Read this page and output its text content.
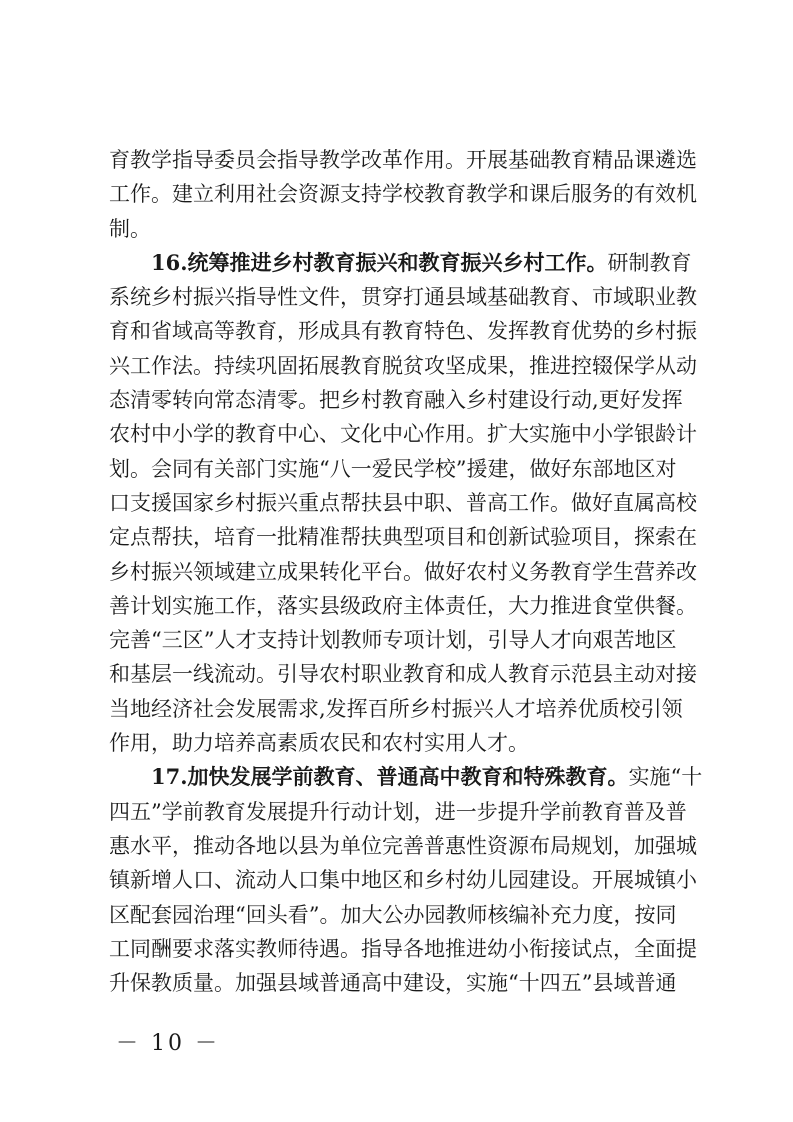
育教学指导委员会指导教学改革作用。开展基础教育精品课遴选
工作。建立利用社会资源支持学校教育教学和课后服务的有效机
制。
16.统筹推进乡村教育振兴和教育振兴乡村工作。研制教育
系统乡村振兴指导性文件，贯穿打通县域基础教育、市域职业教
育和省域高等教育，形成具有教育特色、发挥教育优势的乡村振
兴工作法。持续巩固拓展教育脱贫攻坚成果，推进控辍保学从动
态清零转向常态清零。把乡村教育融入乡村建设行动,更好发挥
农村中小学的教育中心、文化中心作用。扩大实施中小学银龄计
划。会同有关部门实施“八一爱民学校”援建，做好东部地区对
口支援国家乡村振兴重点帮扶县中职、普高工作。做好直属高校
定点帮扶，培育一批精准帮扶典型项目和创新试验项目，探索在
乡村振兴领域建立成果转化平台。做好农村义务教育学生营养改
善计划实施工作，落实县级政府主体责任，大力推进食堂供餐。
完善“三区”人才支持计划教师专项计划，引导人才向艰苦地区
和基层一线流动。引导农村职业教育和成人教育示范县主动对接
当地经济社会发展需求,发挥百所乡村振兴人才培养优质校引领
作用，助力培养高素质农民和农村实用人才。
17.加快发展学前教育、普通高中教育和特殊教育。实施“十
四五”学前教育发展提升行动计划，进一步提升学前教育普及普
惠水平，推动各地以县为单位完善普惠性资源布局规划，加强城
镇新增人口、流动人口集中地区和乡村幼儿园建设。开展城镇小
区配套园治理“回头看”。加大公办园教师核编补充力度，按同
工同酬要求落实教师待遇。指导各地推进幼小衔接试点，全面提
升保教质量。加强县域普通高中建设，实施“十四五”县域普通
－ 10 －
